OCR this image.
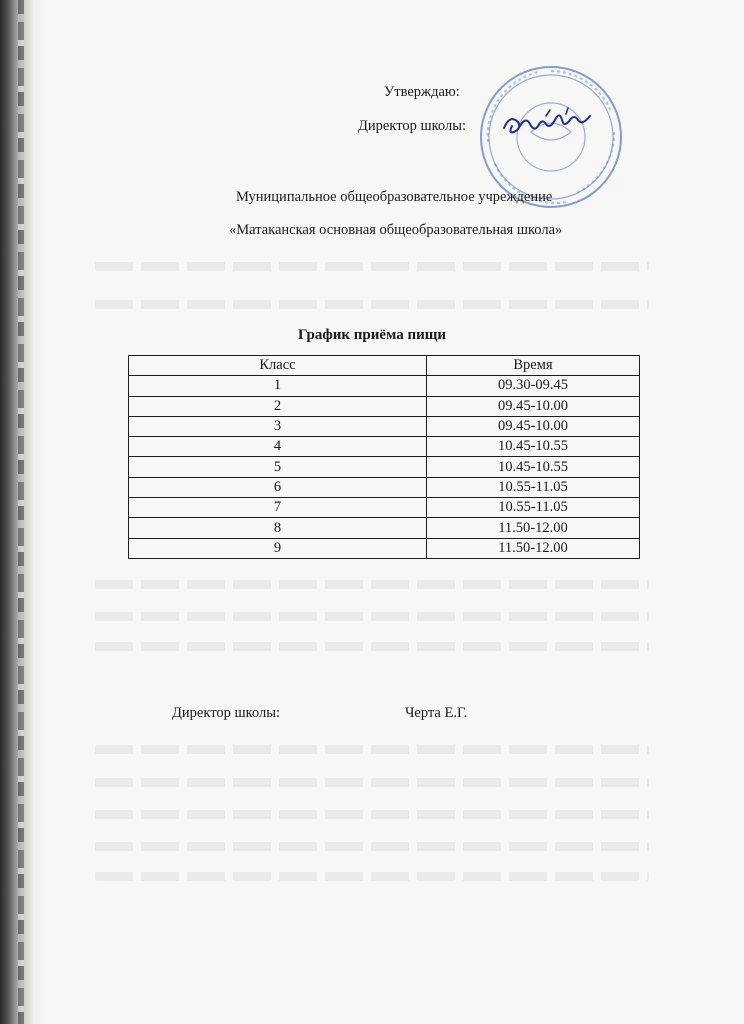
Утверждаю:
Директор школы:
Муниципальное общеобразовательное учреждение
«Матаканская основная общеобразовательная школа»
График приёма пищи
Класс	Время
1	09.30-09.45
2	09.45-10.00
3	09.45-10.00
4	10.45-10.55
5	10.45-10.55
6	10.55-11.05
7	10.55-11.05
8	11.50-12.00
9	11.50-12.00
Директор школы:	Черта Е.Г.
